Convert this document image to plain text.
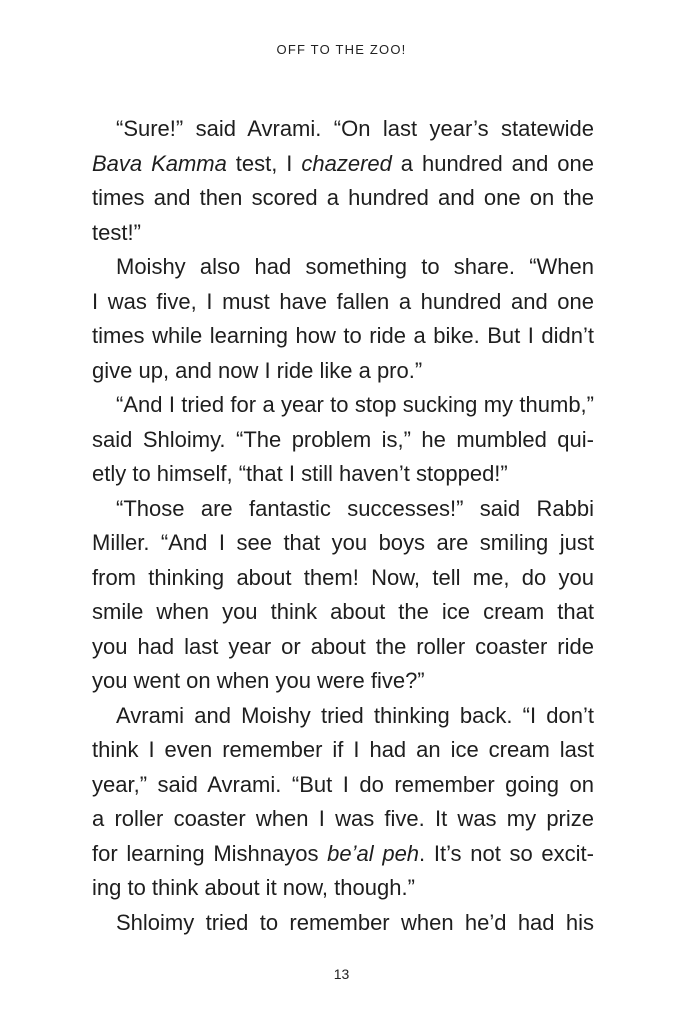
OFF TO THE ZOO!
“Sure!” said Avrami. “On last year’s statewide
Bava Kamma test, I chazered a hundred and one
times and then scored a hundred and one on the
test!”
Moishy also had something to share. “When
I was five, I must have fallen a hundred and one
times while learning how to ride a bike. But I didn’t
give up, and now I ride like a pro.”
“And I tried for a year to stop sucking my thumb,”
said Shloimy. “The problem is,” he mumbled qui-
etly to himself, “that I still haven’t stopped!”
“Those are fantastic successes!” said Rabbi
Miller. “And I see that you boys are smiling just
from thinking about them! Now, tell me, do you
smile when you think about the ice cream that
you had last year or about the roller coaster ride
you went on when you were five?”
Avrami and Moishy tried thinking back. “I don’t
think I even remember if I had an ice cream last
year,” said Avrami. “But I do remember going on
a roller coaster when I was five. It was my prize
for learning Mishnayos be’al peh. It’s not so excit-
ing to think about it now, though.”
Shloimy tried to remember when he’d had his
13
